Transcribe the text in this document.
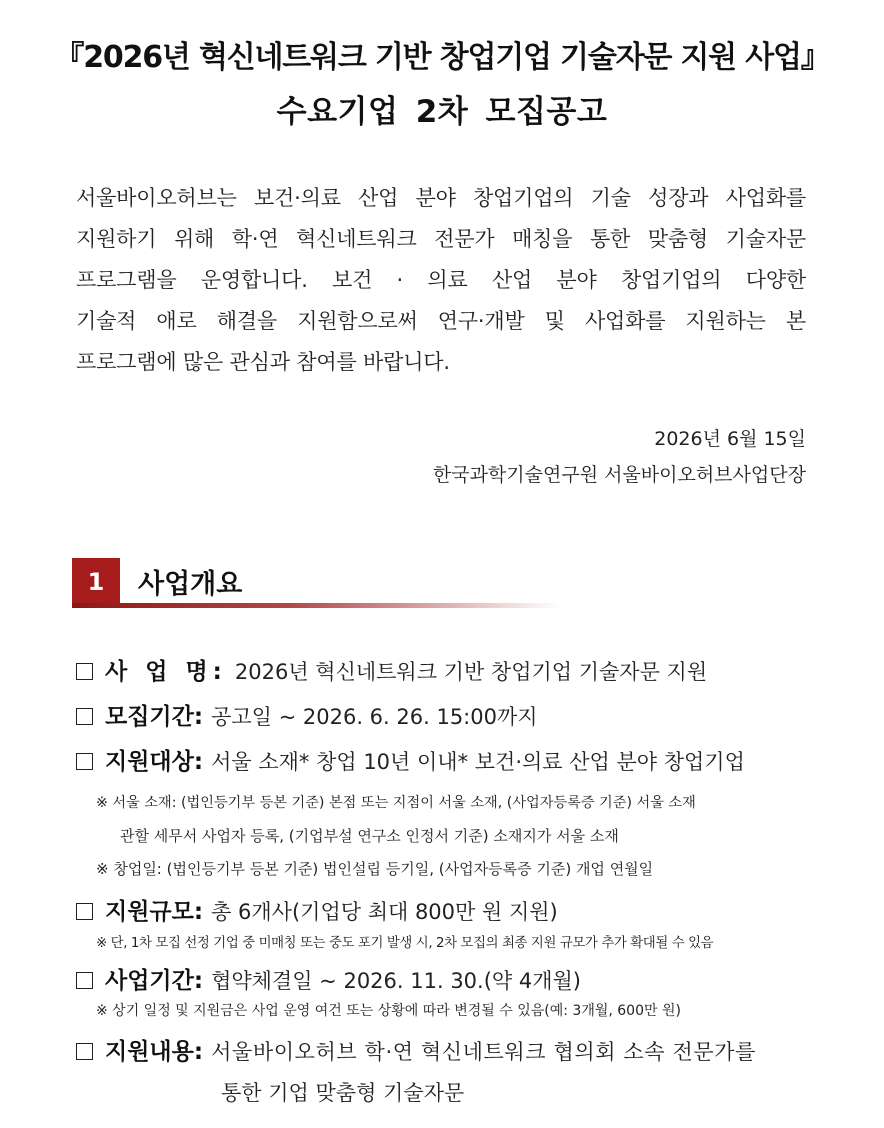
『2026년 혁신네트워크 기반 창업기업 기술자문 지원 사업』
수요기업 2차 모집공고
서울바이오허브는 보건·의료 산업 분야 창업기업의 기술 성장과 사업화를
지원하기 위해 학·연 혁신네트워크 전문가 매칭을 통한 맞춤형 기술자문
프로그램을 운영합니다. 보건 · 의료 산업 분야 창업기업의 다양한
기술적 애로 해결을 지원함으로써 연구·개발 및 사업화를 지원하는 본
프로그램에 많은 관심과 참여를 바랍니다.
2026년 6월 15일
한국과학기술연구원 서울바이오허브사업단장
1	사업개요
사 업 명: 2026년 혁신네트워크 기반 창업기업 기술자문 지원
모집기간: 공고일 ~ 2026. 6. 26. 15:00까지
지원대상: 서울 소재* 창업 10년 이내* 보건·의료 산업 분야 창업기업
※ 서울 소재: (법인등기부 등본 기준) 본점 또는 지점이 서울 소재, (사업자등록증 기준) 서울 소재
관할 세무서 사업자 등록, (기업부설 연구소 인정서 기준) 소재지가 서울 소재
※ 창업일: (법인등기부 등본 기준) 법인설립 등기일, (사업자등록증 기준) 개업 연월일
지원규모: 총 6개사(기업당 최대 800만 원 지원)
※ 단, 1차 모집 선정 기업 중 미매칭 또는 중도 포기 발생 시, 2차 모집의 최종 지원 규모가 추가 확대될 수 있음
사업기간: 협약체결일 ~ 2026. 11. 30.(약 4개월)
※ 상기 일정 및 지원금은 사업 운영 여건 또는 상황에 따라 변경될 수 있음(예: 3개월, 600만 원)
지원내용: 서울바이오허브 학·연 혁신네트워크 협의회 소속 전문가를
통한 기업 맞춤형 기술자문
